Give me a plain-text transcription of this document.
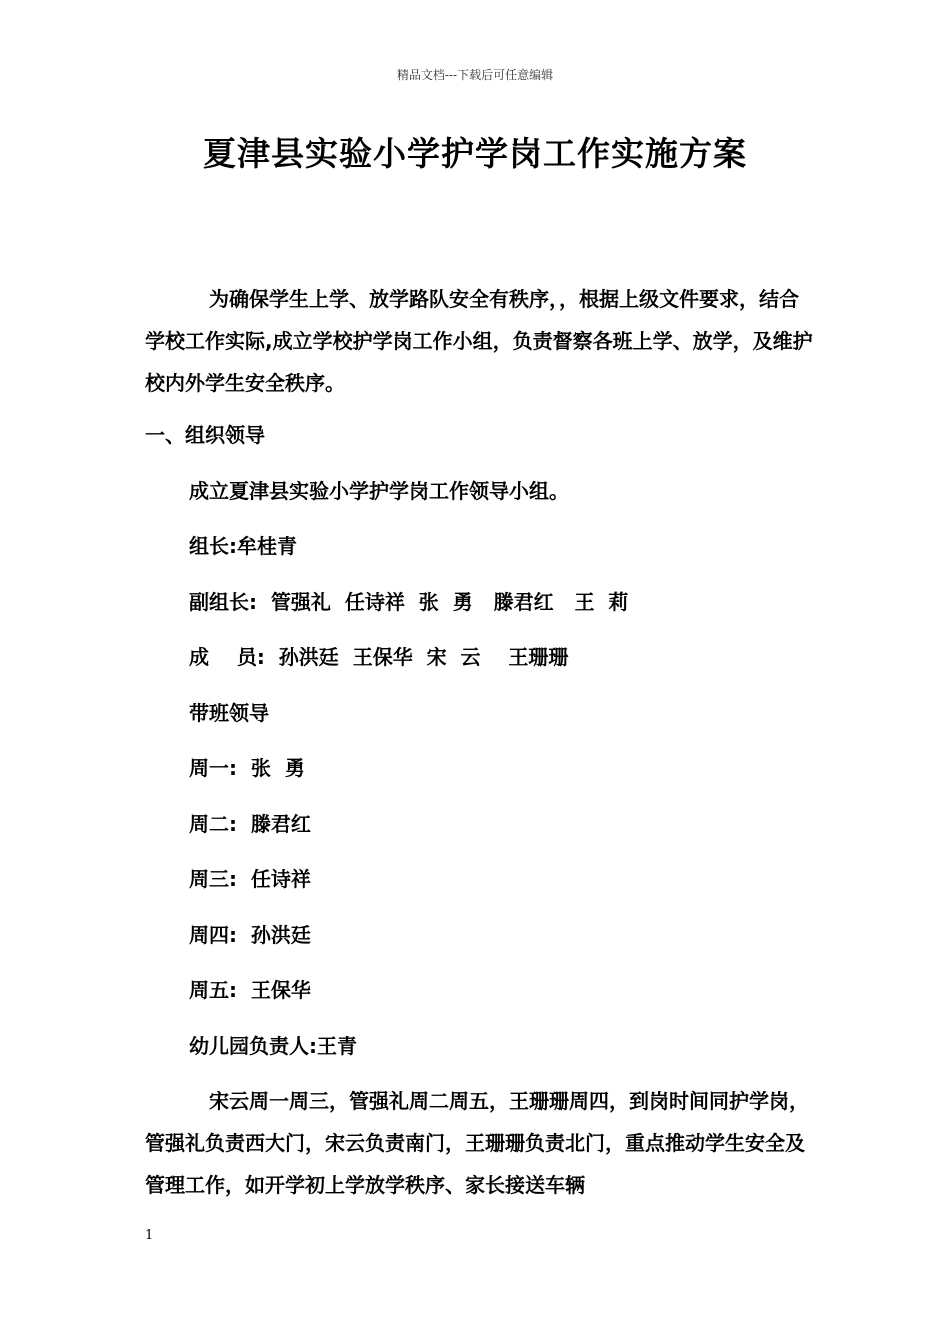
精品文档---下载后可任意编辑
夏津县实验小学护学岗工作实施方案

为确保学生上学、放学路队安全有秩序，，根据上级文件要求，结合学校工作实际,成立学校护学岗工作小组，负责督察各班上学、放学，及维护校内外学生安全秩序。

一、组织领导

成立夏津县实验小学护学岗工作领导小组。

组长:牟桂青

副组长:  管强礼  任诗祥  张  勇   滕君红   王  莉

成    员:  孙洪廷  王保华  宋  云    王珊珊

带班领导

周一:  张  勇

周二:  滕君红

周三:  任诗祥

周四:  孙洪廷

周五:  王保华

幼儿园负责人:王青

宋云周一周三，管强礼周二周五，王珊珊周四，到岗时间同护学岗，管强礼负责西大门，宋云负责南门，王珊珊负责北门，重点推动学生安全及管理工作，如开学初上学放学秩序、家长接送车辆

1
